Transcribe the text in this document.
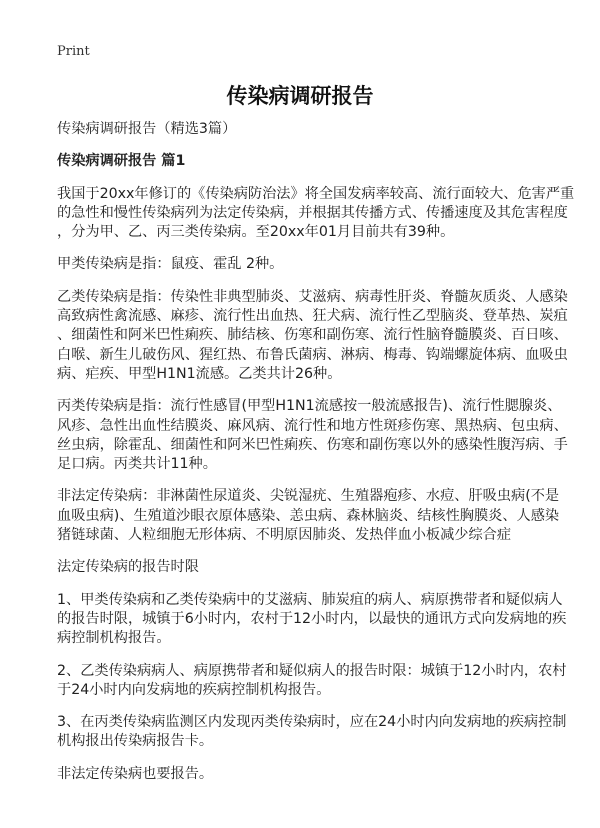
Print
传染病调研报告

传染病调研报告（精选3篇）

传染病调研报告 篇1

我国于20xx年修订的《传染病防治法》将全国发病率较高、流行面较大、危害严重
的急性和慢性传染病列为法定传染病，并根据其传播方式、传播速度及其危害程度
，分为甲、乙、丙三类传染病。至20xx年01月目前共有39种。

甲类传染病是指：鼠疫、霍乱 2种。

乙类传染病是指：传染性非典型肺炎、艾滋病、病毒性肝炎、脊髓灰质炎、人感染
高致病性禽流感、麻疹、流行性出血热、狂犬病、流行性乙型脑炎、登革热、炭疽
、细菌性和阿米巴性痢疾、肺结核、伤寒和副伤寒、流行性脑脊髓膜炎、百日咳、
白喉、新生儿破伤风、猩红热、布鲁氏菌病、淋病、梅毒、钩端螺旋体病、血吸虫
病、疟疾、甲型H1N1流感。乙类共计26种。

丙类传染病是指：流行性感冒(甲型H1N1流感按一般流感报告)、流行性腮腺炎、
风疹、急性出血性结膜炎、麻风病、流行性和地方性斑疹伤寒、黑热病、包虫病、
丝虫病，除霍乱、细菌性和阿米巴性痢疾、伤寒和副伤寒以外的感染性腹泻病、手
足口病。丙类共计11种。

非法定传染病：非淋菌性尿道炎、尖锐湿疣、生殖器疱疹、水痘、肝吸虫病(不是
血吸虫病)、生殖道沙眼衣原体感染、恙虫病、森林脑炎、结核性胸膜炎、人感染
猪链球菌、人粒细胞无形体病、不明原因肺炎、发热伴血小板减少综合症

法定传染病的报告时限

1、甲类传染病和乙类传染病中的艾滋病、肺炭疽的病人、病原携带者和疑似病人
的报告时限，城镇于6小时内，农村于12小时内，以最快的通讯方式向发病地的疾
病控制机构报告。

2、乙类传染病病人、病原携带者和疑似病人的报告时限：城镇于12小时内，农村
于24小时内向发病地的疾病控制机构报告。

3、在丙类传染病监测区内发现丙类传染病时，应在24小时内向发病地的疾病控制
机构报出传染病报告卡。

非法定传染病也要报告。
